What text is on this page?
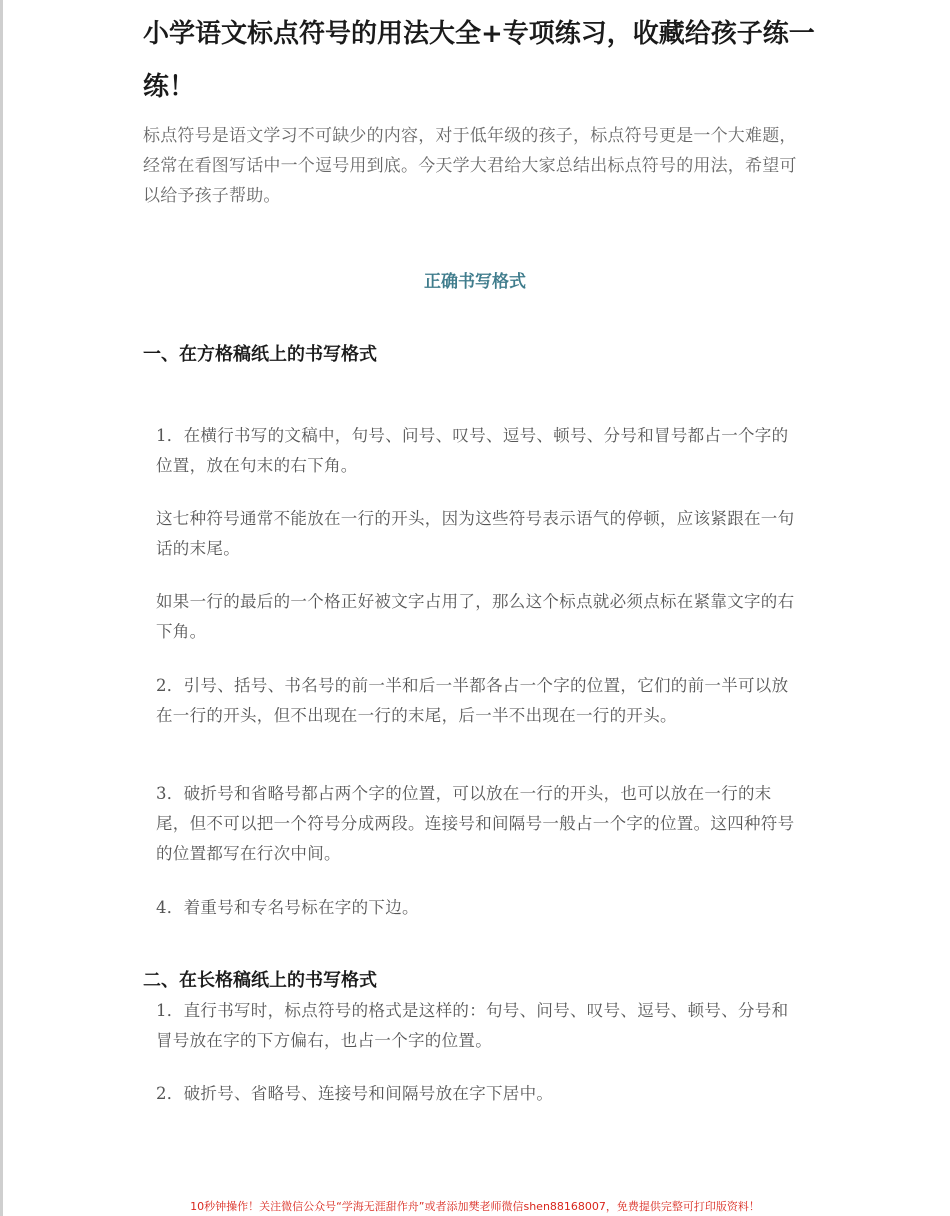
小学语文标点符号的用法大全+专项练习，收藏给孩子练一练！

标点符号是语文学习不可缺少的内容，对于低年级的孩子，标点符号更是一个大难题，经常在看图写话中一个逗号用到底。今天学大君给大家总结出标点符号的用法，希望可以给予孩子帮助。

正确书写格式
一、在方格稿纸上的书写格式

1．在横行书写的文稿中，句号、问号、叹号、逗号、顿号、分号和冒号都占一个字的位置，放在句末的右下角。

这七种符号通常不能放在一行的开头，因为这些符号表示语气的停顿，应该紧跟在一句话的末尾。

如果一行的最后的一个格正好被文字占用了，那么这个标点就必须点标在紧靠文字的右下角。

2．引号、括号、书名号的前一半和后一半都各占一个字的位置，它们的前一半可以放在一行的开头，但不出现在一行的末尾，后一半不出现在一行的开头。

3．破折号和省略号都占两个字的位置，可以放在一行的开头，也可以放在一行的末尾，但不可以把一个符号分成两段。连接号和间隔号一般占一个字的位置。这四种符号的位置都写在行次中间。

4．着重号和专名号标在字的下边。

二、在长格稿纸上的书写格式

1．直行书写时，标点符号的格式是这样的：句号、问号、叹号、逗号、顿号、分号和冒号放在字的下方偏右，也占一个字的位置。

2．破折号、省略号、连接号和间隔号放在字下居中。

10秒钟操作！关注微信公众号“学海无涯甜作舟”或者添加樊老师微信shen88168007，免费提供完整可打印版资料！
